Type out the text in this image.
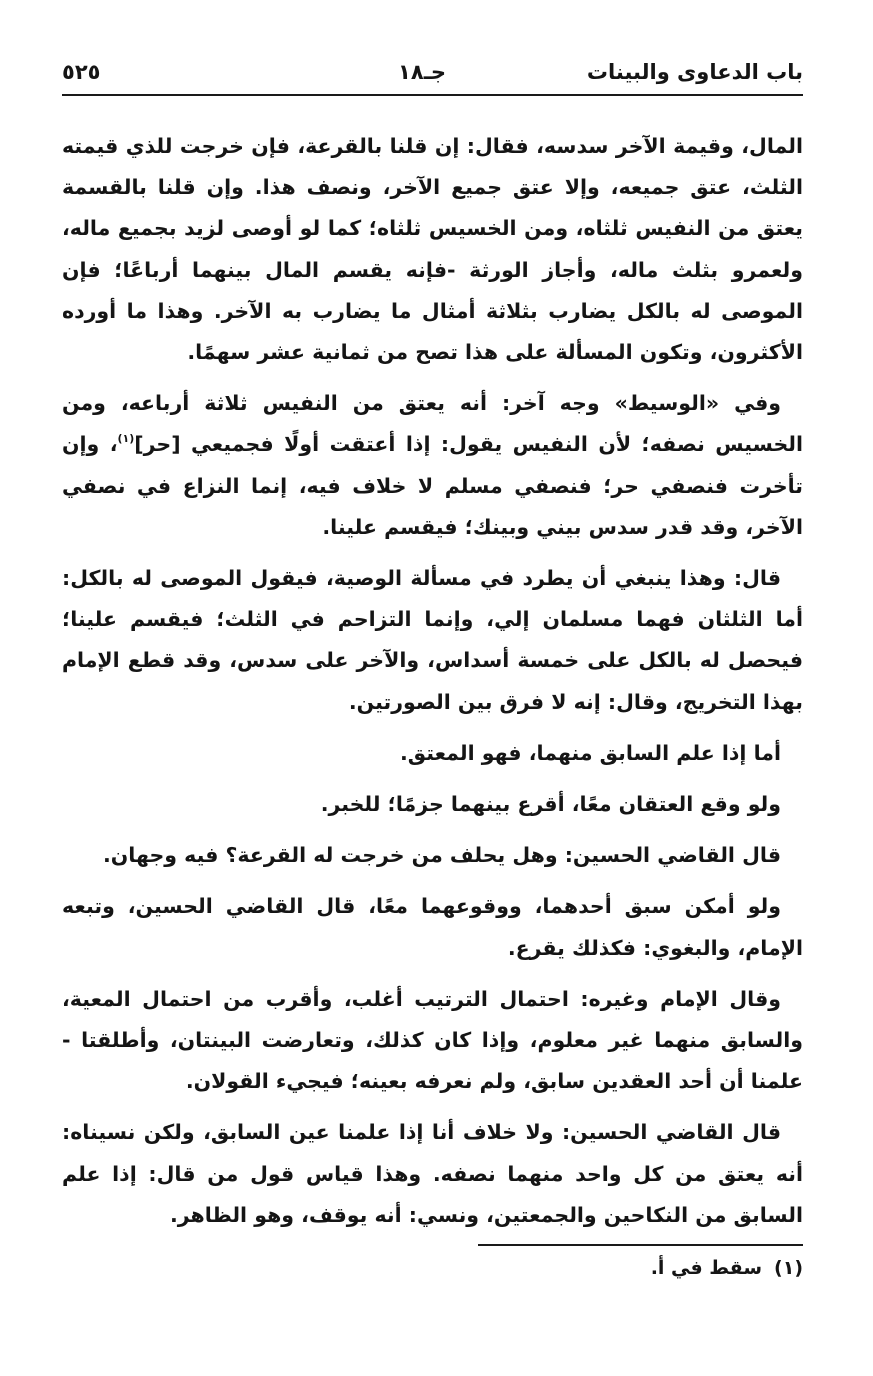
باب الدعاوى والبينات
جـ١٨
٥٢٥

المال، وقيمة الآخر سدسه، فقال: إن قلنا بالقرعة، فإن خرجت للذي قيمته الثلث، عتق جميعه، وإلا عتق جميع الآخر، ونصف هذا. وإن قلنا بالقسمة يعتق من النفيس ثلثاه، ومن الخسيس ثلثاه؛ كما لو أوصى لزيد بجميع ماله، ولعمرو بثلث ماله، وأجاز الورثة -فإنه يقسم المال بينهما أرباعًا؛ فإن الموصى له بالكل يضارب بثلاثة أمثال ما يضارب به الآخر. وهذا ما أورده الأكثرون، وتكون المسألة على هذا تصح من ثمانية عشر سهمًا.

وفي «الوسيط» وجه آخر: أنه يعتق من النفيس ثلاثة أرباعه، ومن الخسيس نصفه؛ لأن النفيس يقول: إذا أعتقت أولًا فجميعي [حر]$^{(١)}$، وإن تأخرت فنصفي حر؛ فنصفي مسلم لا خلاف فيه، إنما النزاع في نصفي الآخر، وقد قدر سدس بيني وبينك؛ فيقسم علينا.

قال: وهذا ينبغي أن يطرد في مسألة الوصية، فيقول الموصى له بالكل: أما الثلثان فهما مسلمان إلي، وإنما التزاحم في الثلث؛ فيقسم علينا؛ فيحصل له بالكل على خمسة أسداس، والآخر على سدس، وقد قطع الإمام بهذا التخريج، وقال: إنه لا فرق بين الصورتين.

أما إذا علم السابق منهما، فهو المعتق.

ولو وقع العتقان معًا، أقرع بينهما جزمًا؛ للخبر.

قال القاضي الحسين: وهل يحلف من خرجت له القرعة؟ فيه وجهان.

ولو أمكن سبق أحدهما، ووقوعهما معًا، قال القاضي الحسين، وتبعه الإمام، والبغوي: فكذلك يقرع.

وقال الإمام وغيره: احتمال الترتيب أغلب، وأقرب من احتمال المعية، والسابق منهما غير معلوم، وإذا كان كذلك، وتعارضت البينتان، وأطلقتا - علمنا أن أحد العقدين سابق، ولم نعرفه بعينه؛ فيجيء القولان.

قال القاضي الحسين: ولا خلاف أنا إذا علمنا عين السابق، ولكن نسيناه: أنه يعتق من كل واحد منهما نصفه. وهذا قياس قول من قال: إذا علم السابق من النكاحين والجمعتين، ونسي: أنه يوقف، وهو الظاهر.

(١)سقط في أ.
